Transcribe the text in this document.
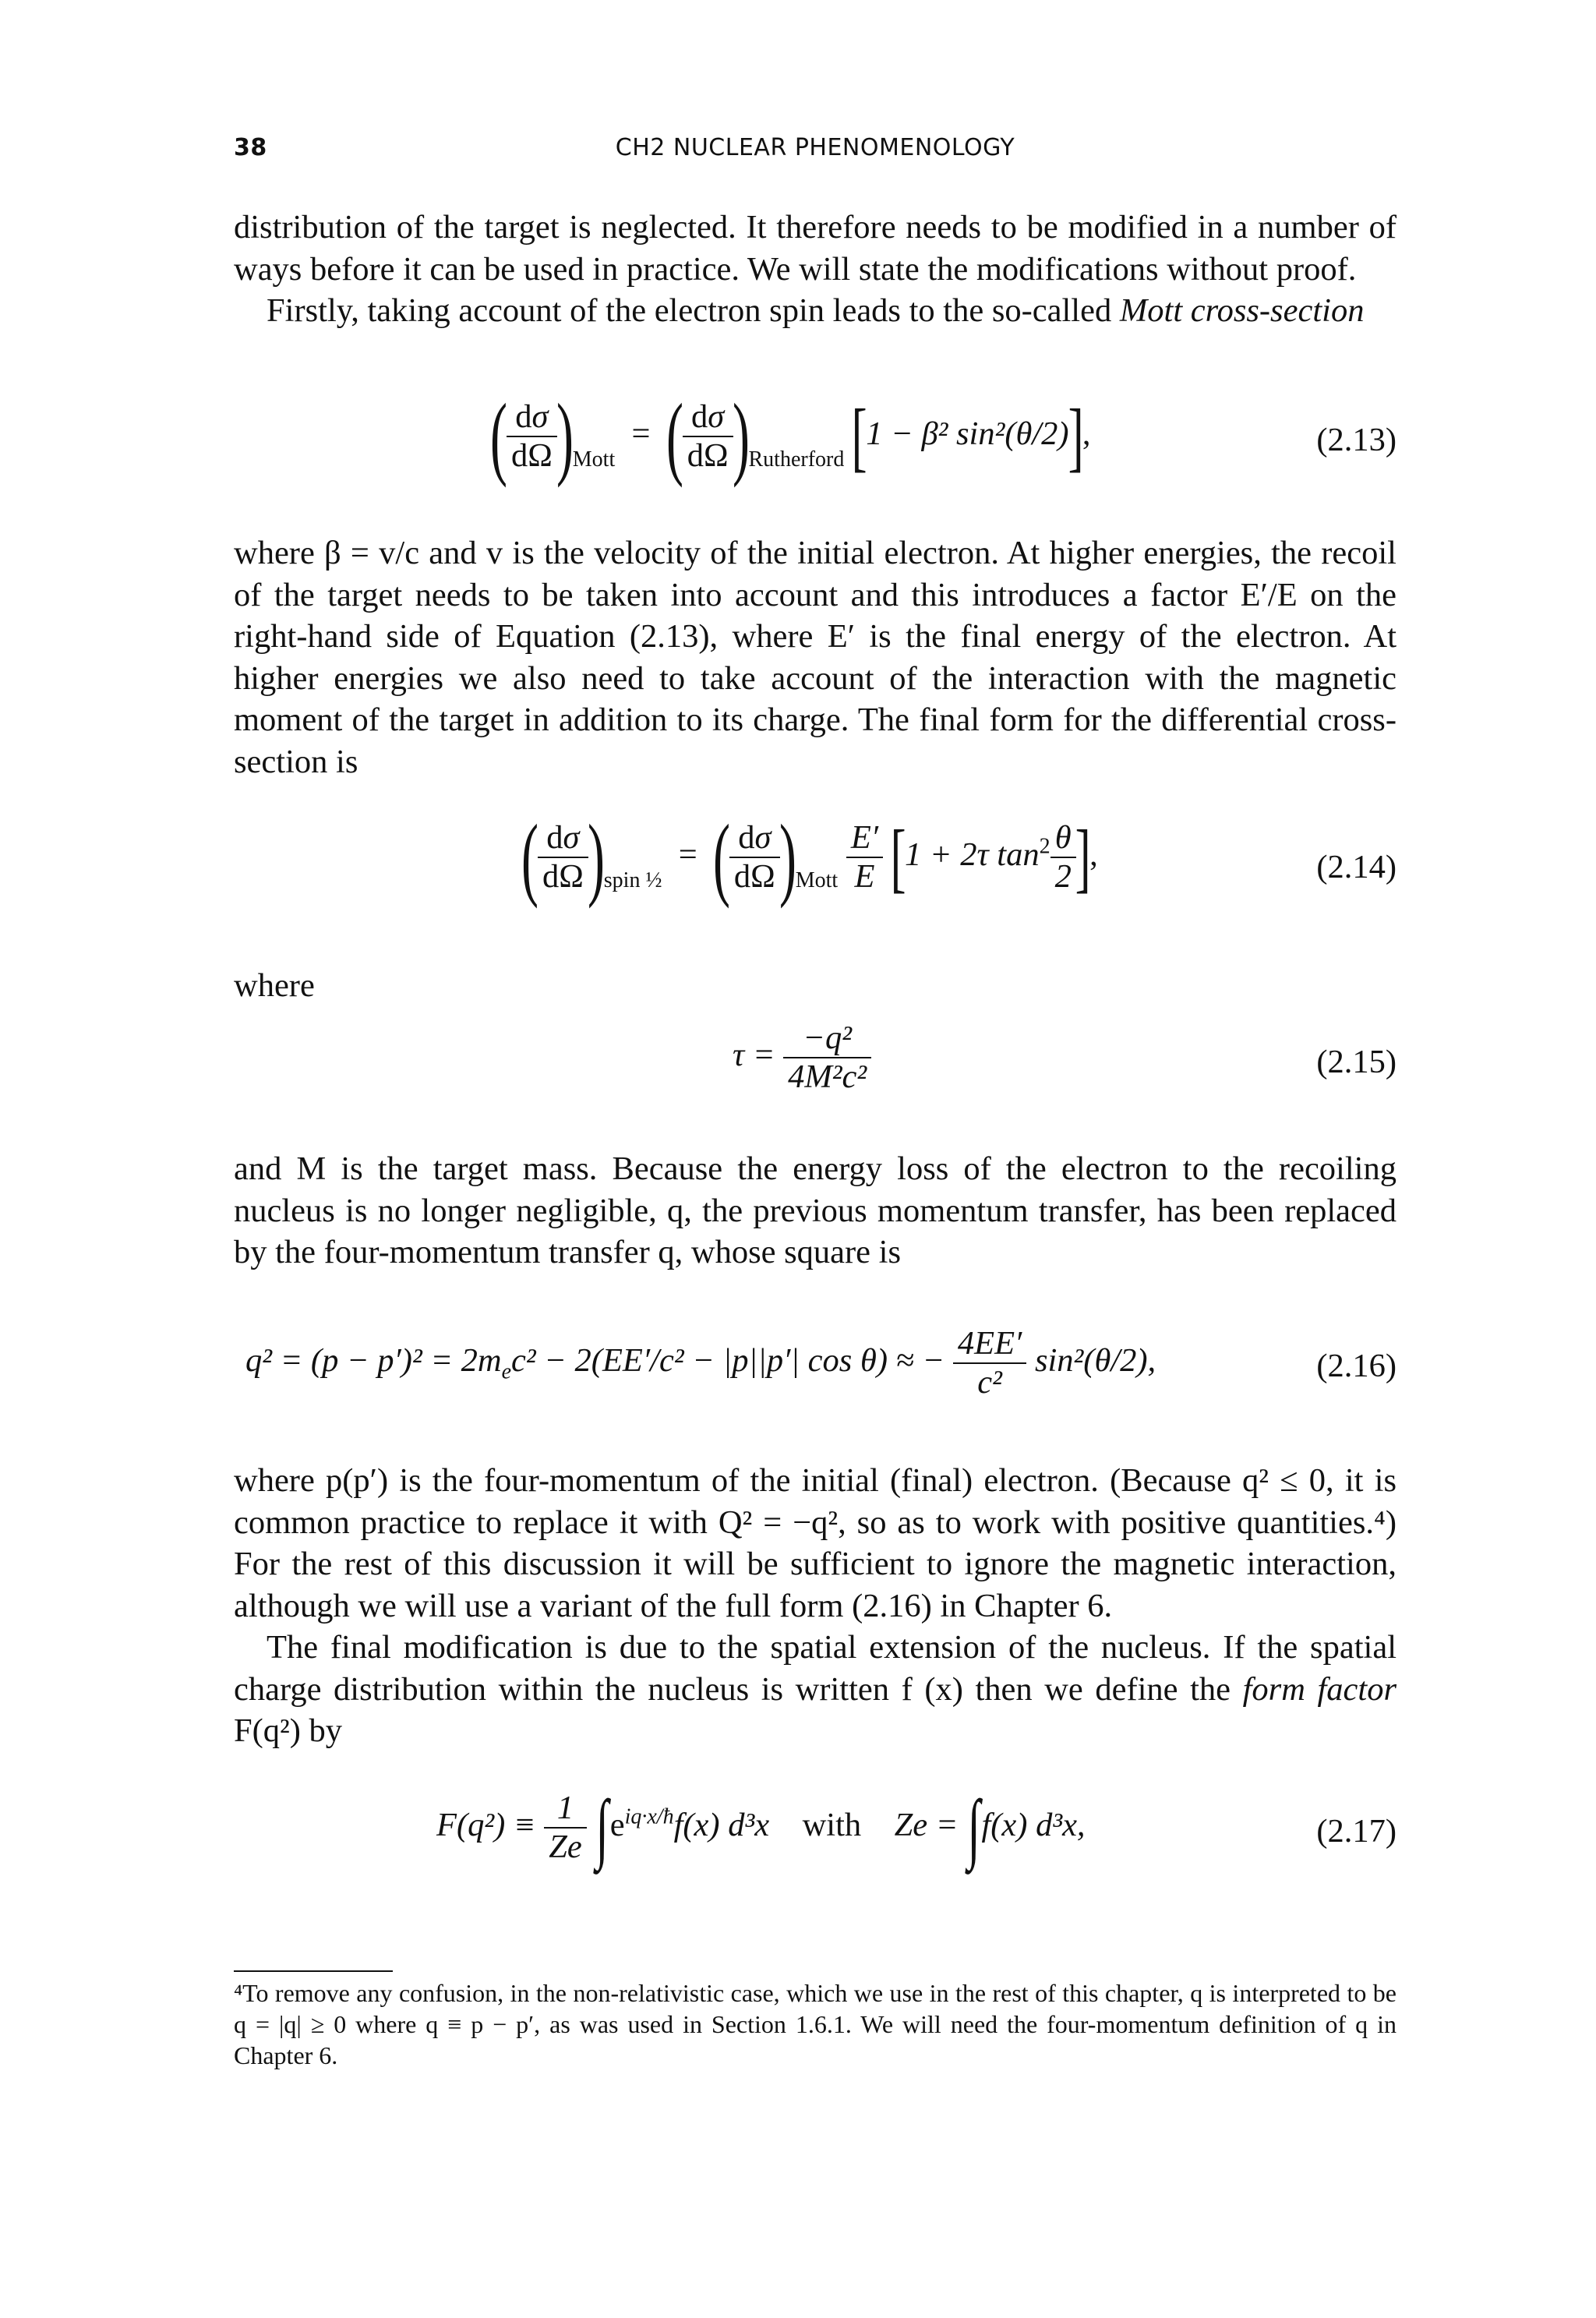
38	CH2 NUCLEAR PHENOMENOLOGY
distribution of the target is neglected. It therefore needs to be modified in a number of ways before it can be used in practice. We will state the modifications without proof.
Firstly, taking account of the electron spin leads to the so-called Mott cross-section
(
$\frac{d\sigma}{d\Omega}$
)$_{Mott}$  =  (
$\frac{d\sigma}{d\Omega}$
)$_{Rutherford}$ [1 − β² sin²(θ/2)],	(2.13)
where β = v/c and v is the velocity of the initial electron. At higher energies, the recoil of the target needs to be taken into account and this introduces a factor E′/E on the right-hand side of Equation (2.13), where E′ is the final energy of the electron. At higher energies we also need to take account of the interaction with the magnetic moment of the target in addition to its charge. The final form for the differential cross-section is
(
$\frac{d\sigma}{d\Omega}$
)$_{spin \frac{1}{2}}$  =  (
$\frac{d\sigma}{d\Omega}$
)$_{Mott} \frac{E'}{E} [1 + 2\tau$ $\tan^2 \frac{\theta}{2}$
],	(2.14)
where
$\tau = \frac{\text{−q²}}{\text{4M²c²}}$	(2.15)
and M is the target mass. Because the energy loss of the electron to the recoiling nucleus is no longer negligible, q, the previous momentum transfer, has been replaced by the four-momentum transfer q, whose square is
$q^2 = (p - p')^2 = 2m_ec^2 - 2(EE'/c^2 - |p||p'|$ cos θ) ≈ − $\frac{4EE'}{\text{c²}} \sin^2(\theta/2)$,	(2.16)
where p(p′) is the four-momentum of the initial (final) electron. (Because q² ≤ 0, it is common practice to replace it with Q² = −q², so as to work with positive quantities.⁴) For the rest of this discussion it will be sufficient to ignore the magnetic interaction, although we will use a variant of the full form (2.16) in Chapter 6.
The final modification is due to the spatial extension of the nucleus. If the spatial charge distribution within the nucleus is written f (x) then we define the form factor F(q²) by
$F(q^2) \equiv \frac{1}{Ze} \int e^{iq\cdot x/ħ}f(x)$ d³x with Ze = ∫f(x) d³x,	(2.17)
⁴To remove any confusion, in the non-relativistic case, which we use in the rest of this chapter, q is interpreted to be q = |q| ≥ 0 where q ≡ p − p′, as was used in Section 1.6.1. We will need the four-momentum definition of q in Chapter 6.
